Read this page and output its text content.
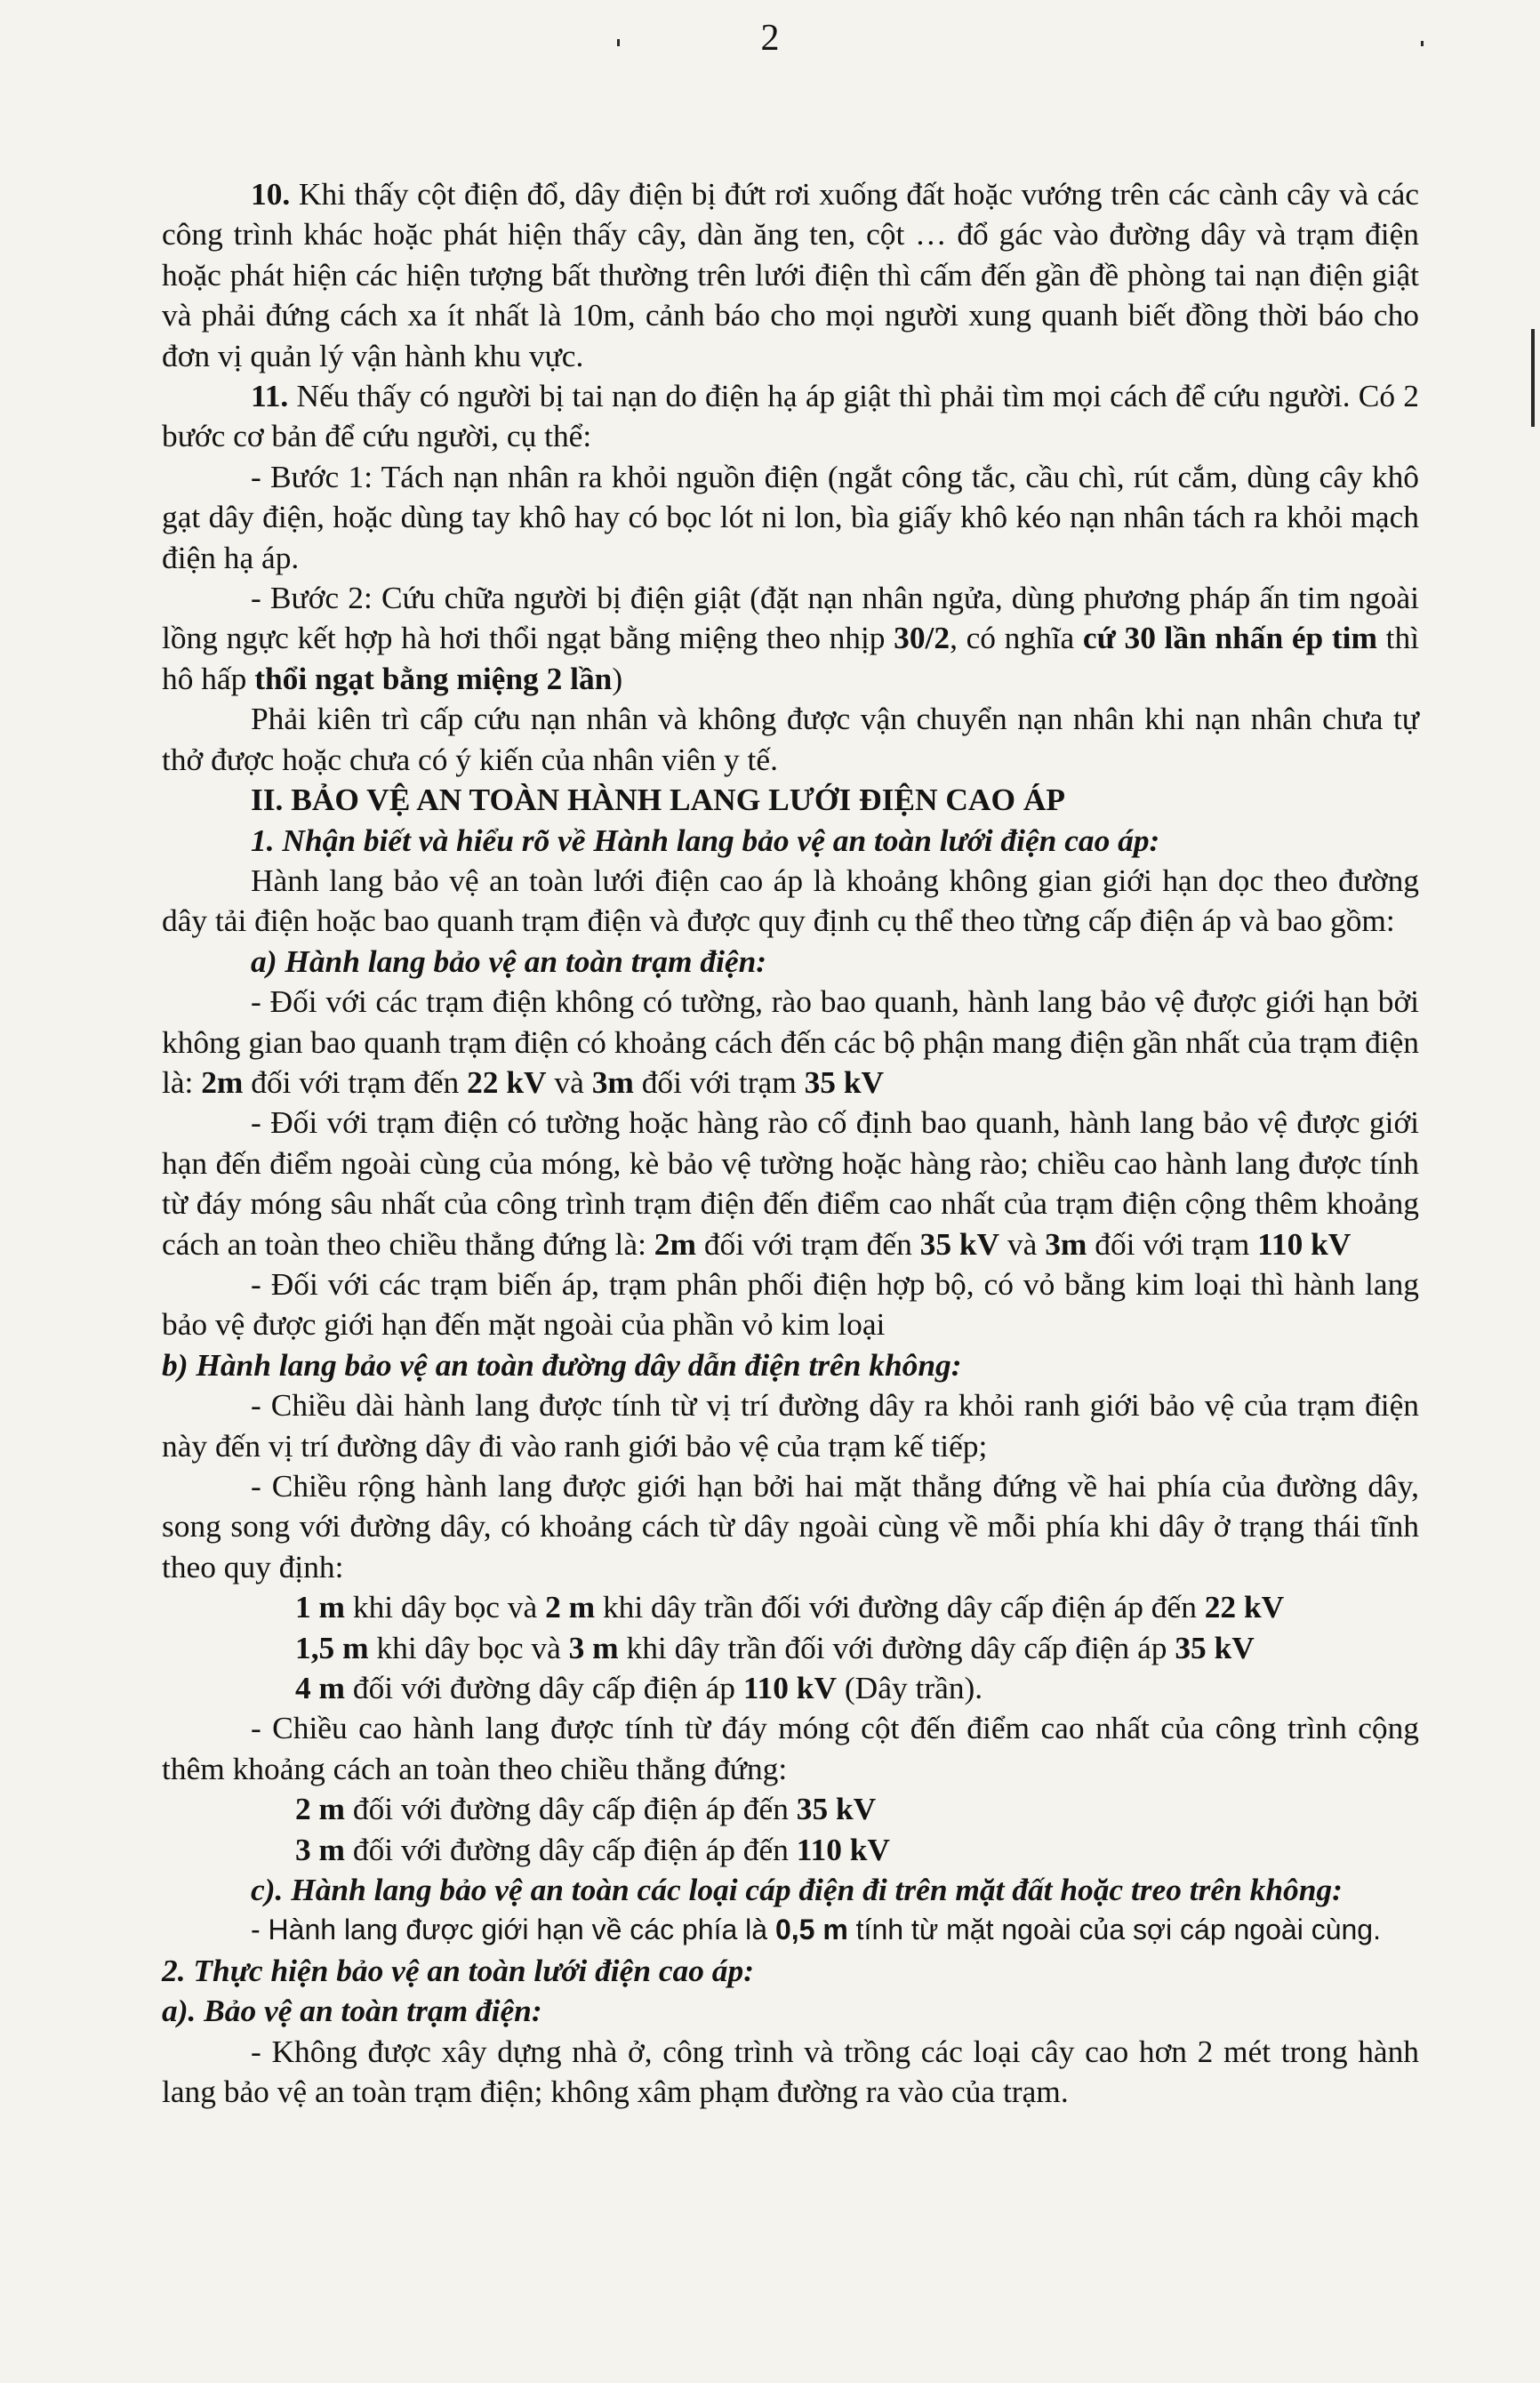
2

10. Khi thấy cột điện đổ, dây điện bị đứt rơi xuống đất hoặc vướng trên các cành cây và các công trình khác hoặc phát hiện thấy cây, dàn ăng ten, cột … đổ gác vào đường dây và trạm điện hoặc phát hiện các hiện tượng bất thường trên lưới điện thì cấm đến gần đề phòng tai nạn điện giật và phải đứng cách xa ít nhất là 10m, cảnh báo cho mọi người xung quanh biết đồng thời báo cho đơn vị quản lý vận hành khu vực.

11. Nếu thấy có người bị tai nạn do điện hạ áp giật thì phải tìm mọi cách để cứu người. Có 2 bước cơ bản để cứu người, cụ thể:

- Bước 1: Tách nạn nhân ra khỏi nguồn điện (ngắt công tắc, cầu chì, rút cắm, dùng cây khô gạt dây điện, hoặc dùng tay khô hay có bọc lót ni lon, bìa giấy khô kéo nạn nhân tách ra khỏi mạch điện hạ áp.

- Bước 2: Cứu chữa người bị điện giật (đặt nạn nhân ngửa, dùng phương pháp ấn tim ngoài lồng ngực kết hợp hà hơi thổi ngạt bằng miệng theo nhịp 30/2, có nghĩa cứ 30 lần nhấn ép tim thì hô hấp thổi ngạt bằng miệng 2 lần)

Phải kiên trì cấp cứu nạn nhân và không được vận chuyển nạn nhân khi nạn nhân chưa tự thở được hoặc chưa có ý kiến của nhân viên y tế.

II. BẢO VỆ AN TOÀN HÀNH LANG LƯỚI ĐIỆN CAO ÁP

1. Nhận biết và hiểu rõ về Hành lang bảo vệ an toàn lưới điện cao áp:

Hành lang bảo vệ an toàn lưới điện cao áp là khoảng không gian giới hạn dọc theo đường dây tải điện hoặc bao quanh trạm điện và được quy định cụ thể theo từng cấp điện áp và bao gồm:

a) Hành lang bảo vệ an toàn trạm điện:

- Đối với các trạm điện không có tường, rào bao quanh, hành lang bảo vệ được giới hạn bởi không gian bao quanh trạm điện có khoảng cách đến các bộ phận mang điện gần nhất của trạm điện là: 2m đối với trạm đến 22 kV và 3m đối với trạm 35 kV

- Đối với trạm điện có tường hoặc hàng rào cố định bao quanh, hành lang bảo vệ được giới hạn đến điểm ngoài cùng của móng, kè bảo vệ tường hoặc hàng rào; chiều cao hành lang được tính từ đáy móng sâu nhất của công trình trạm điện đến điểm cao nhất của trạm điện cộng thêm khoảng cách an toàn theo chiều thẳng đứng là: 2m đối với trạm đến 35 kV và 3m đối với trạm 110 kV

- Đối với các trạm biến áp, trạm phân phối điện hợp bộ, có vỏ bằng kim loại thì hành lang bảo vệ được giới hạn đến mặt ngoài của phần vỏ kim loại

b) Hành lang bảo vệ an toàn đường dây dẫn điện trên không:

- Chiều dài hành lang được tính từ vị trí đường dây ra khỏi ranh giới bảo vệ của trạm điện này đến vị trí đường dây đi vào ranh giới bảo vệ của trạm kế tiếp;

- Chiều rộng hành lang được giới hạn bởi hai mặt thẳng đứng về hai phía của đường dây, song song với đường dây, có khoảng cách từ dây ngoài cùng về mỗi phía khi dây ở trạng thái tĩnh theo quy định:

1 m khi dây bọc và 2 m khi dây trần đối với đường dây cấp điện áp đến 22 kV

1,5 m khi dây bọc và 3 m khi dây trần đối với đường dây cấp điện áp 35 kV

4 m đối với đường dây cấp điện áp 110 kV (Dây trần).

- Chiều cao hành lang được tính từ đáy móng cột đến điểm cao nhất của công trình cộng thêm khoảng cách an toàn theo chiều thẳng đứng:

2 m đối với đường dây cấp điện áp đến 35 kV

3 m đối với đường dây cấp điện áp đến 110 kV

c). Hành lang bảo vệ an toàn các loại cáp điện đi trên mặt đất hoặc treo trên không:

- Hành lang được giới hạn về các phía là 0,5 m tính từ mặt ngoài của sợi cáp ngoài cùng.

2. Thực hiện bảo vệ an toàn lưới điện cao áp:

a). Bảo vệ an toàn trạm điện:

- Không được xây dựng nhà ở, công trình và trồng các loại cây cao hơn 2 mét trong hành lang bảo vệ an toàn trạm điện; không xâm phạm đường ra vào của trạm.
